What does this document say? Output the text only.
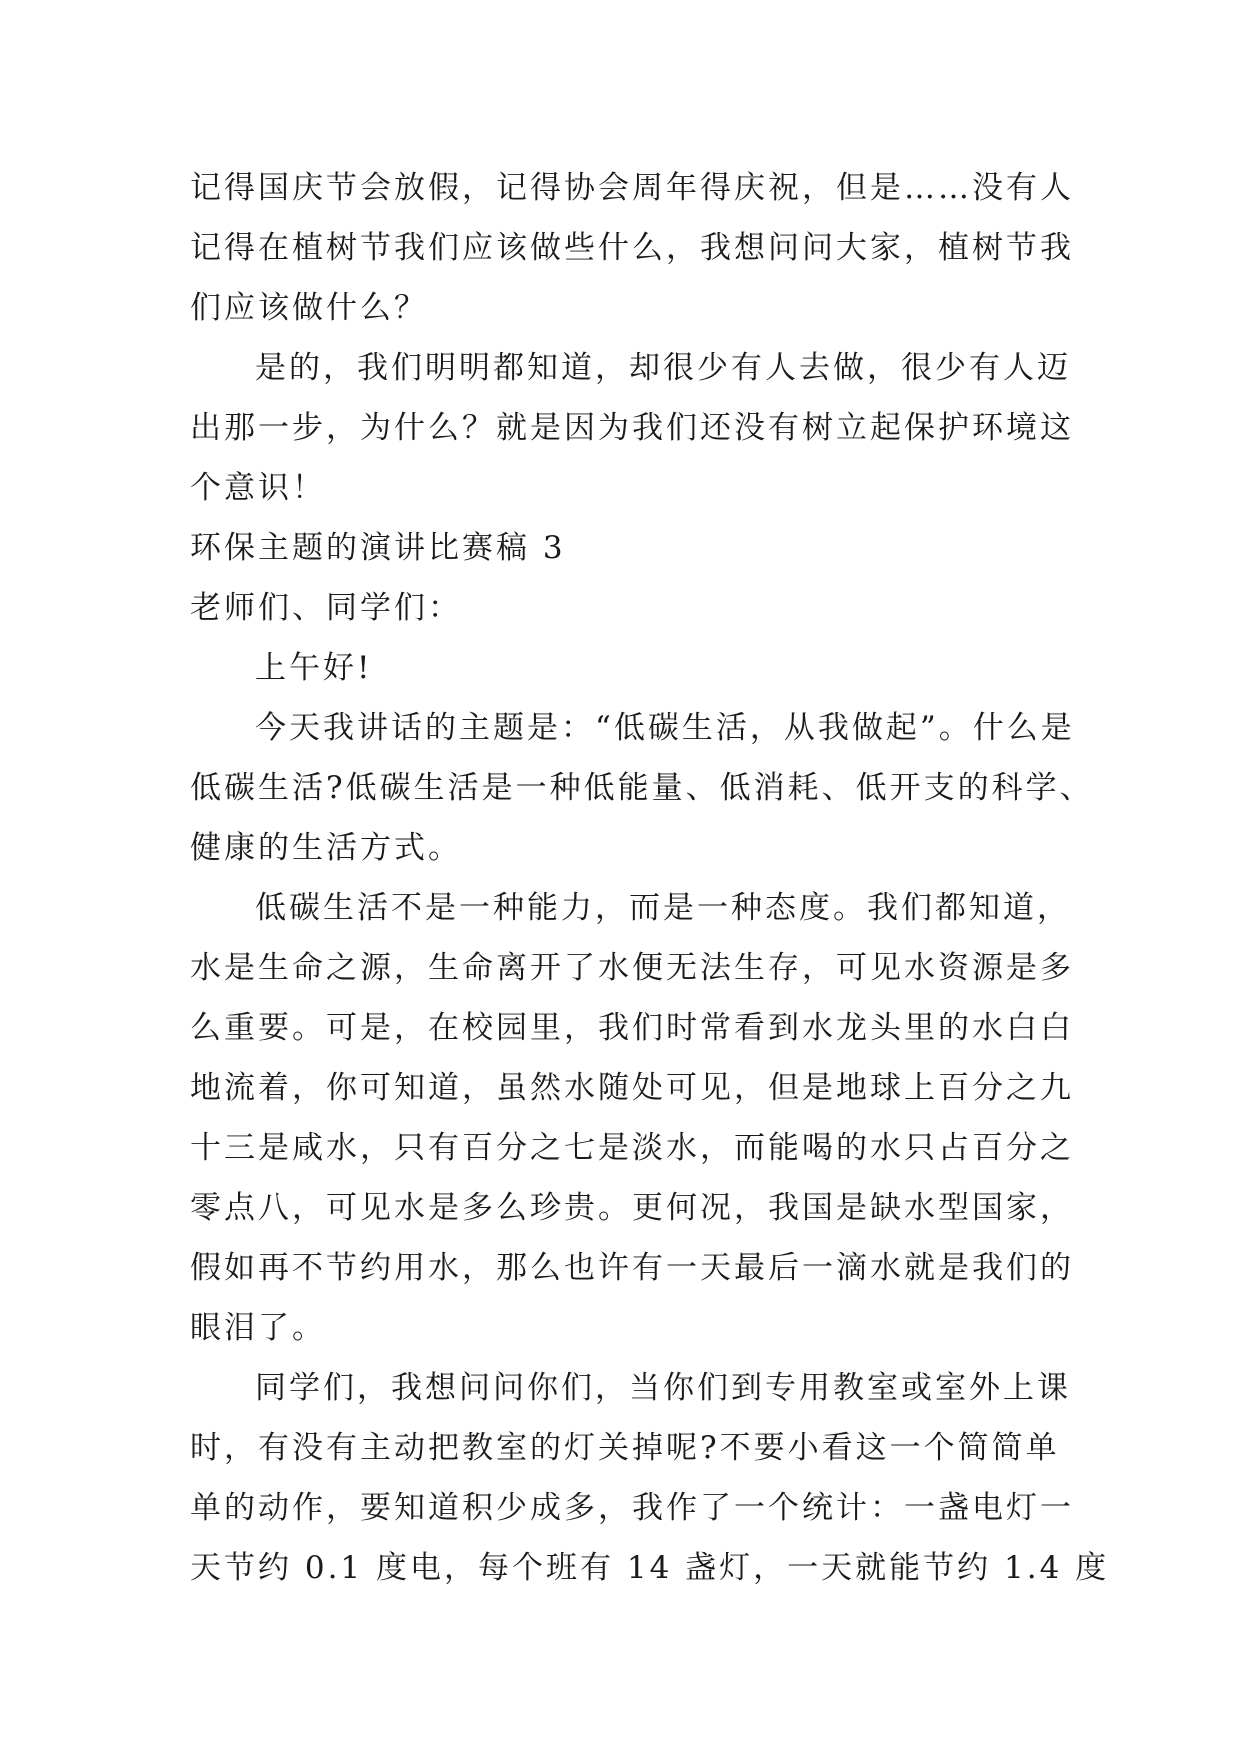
记得国庆节会放假，记得协会周年得庆祝，但是……没有人
记得在植树节我们应该做些什么，我想问问大家，植树节我
们应该做什么？
是的，我们明明都知道，却很少有人去做，很少有人迈
出那一步，为什么？就是因为我们还没有树立起保护环境这
个意识！
环保主题的演讲比赛稿 3
老师们、同学们：
上午好!
今天我讲话的主题是：“低碳生活，从我做起”。什么是
低碳生活?低碳生活是一种低能量、低消耗、低开支的科学、
健康的生活方式。
低碳生活不是一种能力，而是一种态度。我们都知道，
水是生命之源，生命离开了水便无法生存，可见水资源是多
么重要。可是，在校园里，我们时常看到水龙头里的水白白
地流着，你可知道，虽然水随处可见，但是地球上百分之九
十三是咸水，只有百分之七是淡水，而能喝的水只占百分之
零点八，可见水是多么珍贵。更何况，我国是缺水型国家，
假如再不节约用水，那么也许有一天最后一滴水就是我们的
眼泪了。
同学们，我想问问你们，当你们到专用教室或室外上课
时，有没有主动把教室的灯关掉呢?不要小看这一个简简单
单的动作，要知道积少成多，我作了一个统计：一盏电灯一
天节约 0.1 度电，每个班有 14 盏灯，一天就能节约 1.4 度
